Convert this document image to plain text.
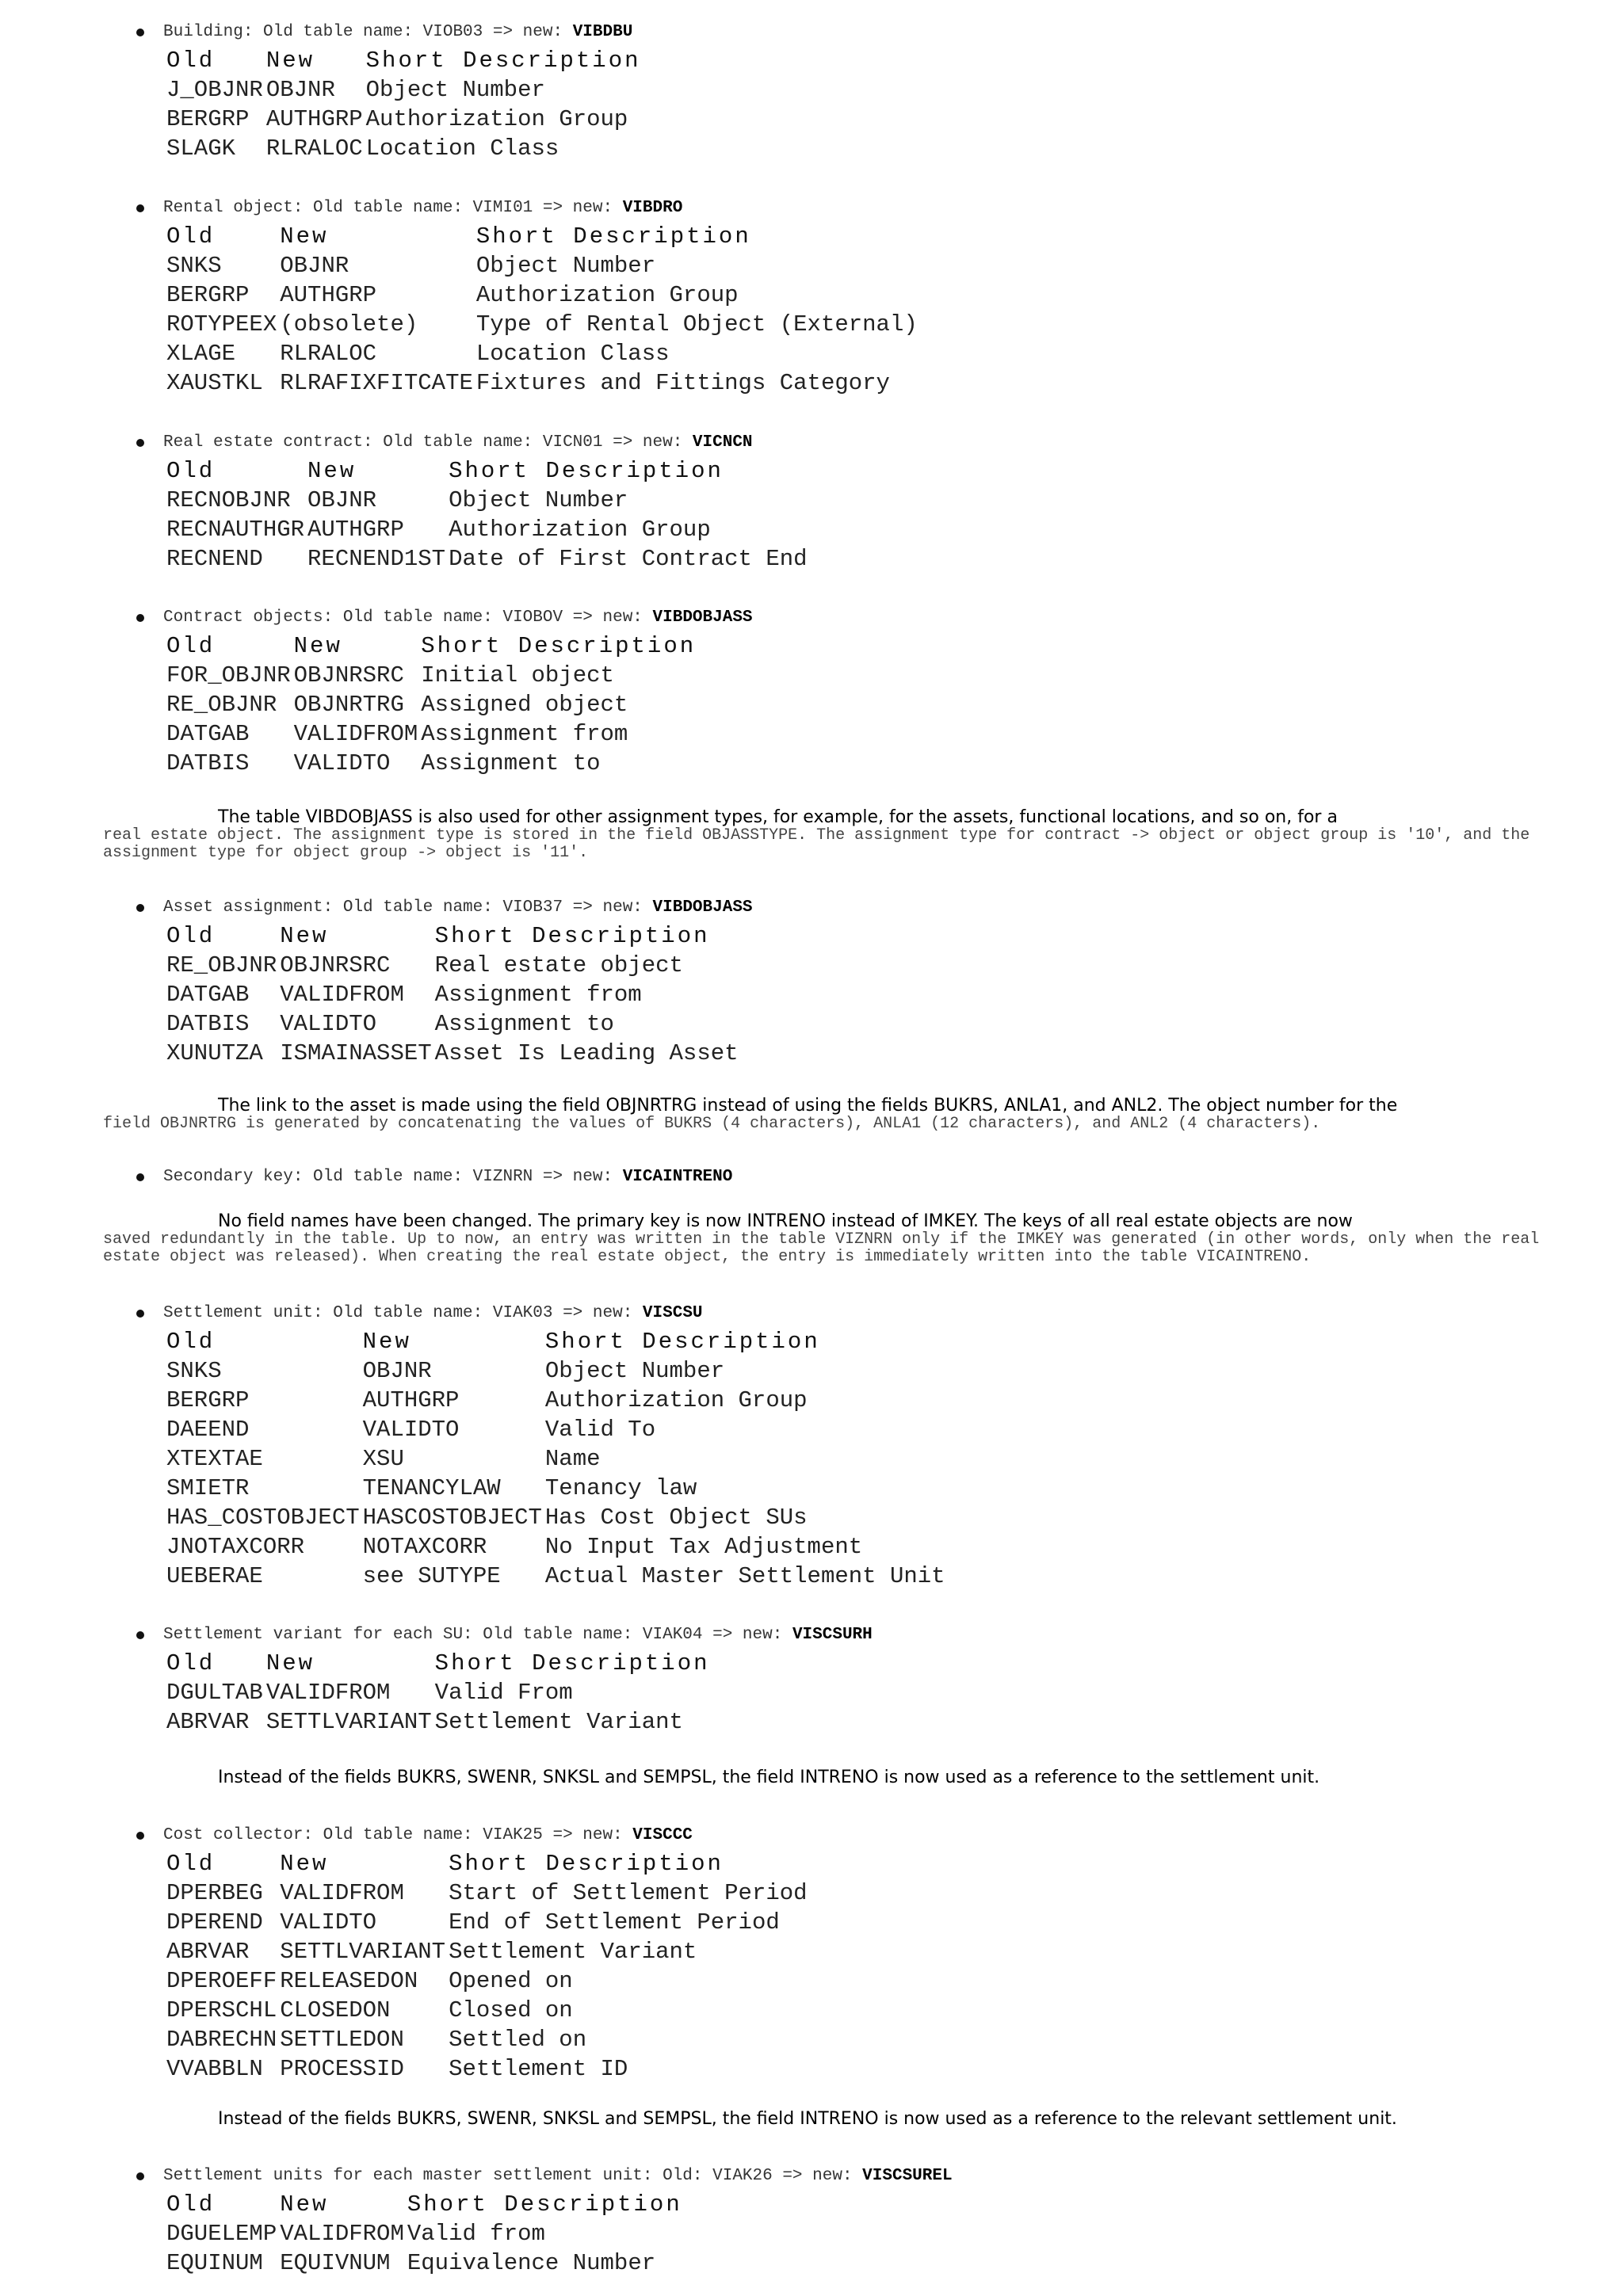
Building: Old table name: VIOB03 => new: VIBDBU
Old	New	Short Description
J_OBJNR	OBJNR	Object Number
BERGRP	AUTHGRP	Authorization Group
SLAGK	RLRALOC	Location Class
Rental object: Old table name: VIMI01 => new: VIBDRO
Old	New	Short Description
SNKS	OBJNR	Object Number
BERGRP	AUTHGRP	Authorization Group
ROTYPEEX	(obsolete)	Type of Rental Object (External)
XLAGE	RLRALOC	Location Class
XAUSTKL	RLRAFIXFITCATE	Fixtures and Fittings Category
Real estate contract: Old table name: VICN01 => new: VICNCN
Old	New	Short Description
RECNOBJNR	OBJNR	Object Number
RECNAUTHGR	AUTHGRP	Authorization Group
RECNEND	RECNEND1ST	Date of First Contract End
Contract objects: Old table name: VIOBOV => new: VIBDOBJASS
Old	New	Short Description
FOR_OBJNR	OBJNRSRC	Initial object
RE_OBJNR	OBJNRTRG	Assigned object
DATGAB	VALIDFROM	Assignment from
DATBIS	VALIDTO	Assignment to
The table VIBDOBJASS is also used for other assignment types, for example, for the assets, functional locations, and so on, for a
real estate object. The assignment type is stored in the field OBJASSTYPE. The assignment type for contract -> object or object group is '10', and the assignment type for object group -> object is '11'.
Asset assignment: Old table name: VIOB37 => new: VIBDOBJASS
Old	New	Short Description
RE_OBJNR	OBJNRSRC	Real estate object
DATGAB	VALIDFROM	Assignment from
DATBIS	VALIDTO	Assignment to
XUNUTZA	ISMAINASSET	Asset Is Leading Asset
The link to the asset is made using the field OBJNRTRG instead of using the fields BUKRS, ANLA1, and ANL2. The object number for the
field OBJNRTRG is generated by concatenating the values of BUKRS (4 characters), ANLA1 (12 characters), and ANL2 (4 characters).
Secondary key: Old table name: VIZNRN => new: VICAINTRENO
No field names have been changed. The primary key is now INTRENO instead of IMKEY. The keys of all real estate objects are now
saved redundantly in the table. Up to now, an entry was written in the table VIZNRN only if the IMKEY was generated (in other words, only when the real estate object was released). When creating the real estate object, the entry is immediately written into the table VICAINTRENO.
Settlement unit: Old table name: VIAK03 => new: VISCSU
Old	New	Short Description
SNKS	OBJNR	Object Number
BERGRP	AUTHGRP	Authorization Group
DAEEND	VALIDTO	Valid To
XTEXTAE	XSU	Name
SMIETR	TENANCYLAW	Tenancy law
HAS_COSTOBJECT	HASCOSTOBJECT	Has Cost Object SUs
JNOTAXCORR	NOTAXCORR	No Input Tax Adjustment
UEBERAE	see SUTYPE	Actual Master Settlement Unit
Settlement variant for each SU: Old table name: VIAK04 => new: VISCSURH
Old	New	Short Description
DGULTAB	VALIDFROM	Valid From
ABRVAR	SETTLVARIANT	Settlement Variant
Instead of the fields BUKRS, SWENR, SNKSL and SEMPSL, the field INTRENO is now used as a reference to the settlement unit.
Cost collector: Old table name: VIAK25 => new: VISCCC
Old	New	Short Description
DPERBEG	VALIDFROM	Start of Settlement Period
DPEREND	VALIDTO	End of Settlement Period
ABRVAR	SETTLVARIANT	Settlement Variant
DPEROEFF	RELEASEDON	Opened on
DPERSCHL	CLOSEDON	Closed on
DABRECHN	SETTLEDON	Settled on
VVABBLN	PROCESSID	Settlement ID
Instead of the fields BUKRS, SWENR, SNKSL and SEMPSL, the field INTRENO is now used as a reference to the relevant settlement unit.
Settlement units for each master settlement unit: Old: VIAK26 => new: VISCSUREL
Old	New	Short Description
DGUELEMP	VALIDFROM	Valid from
EQUINUM	EQUIVNUM	Equivalence Number
